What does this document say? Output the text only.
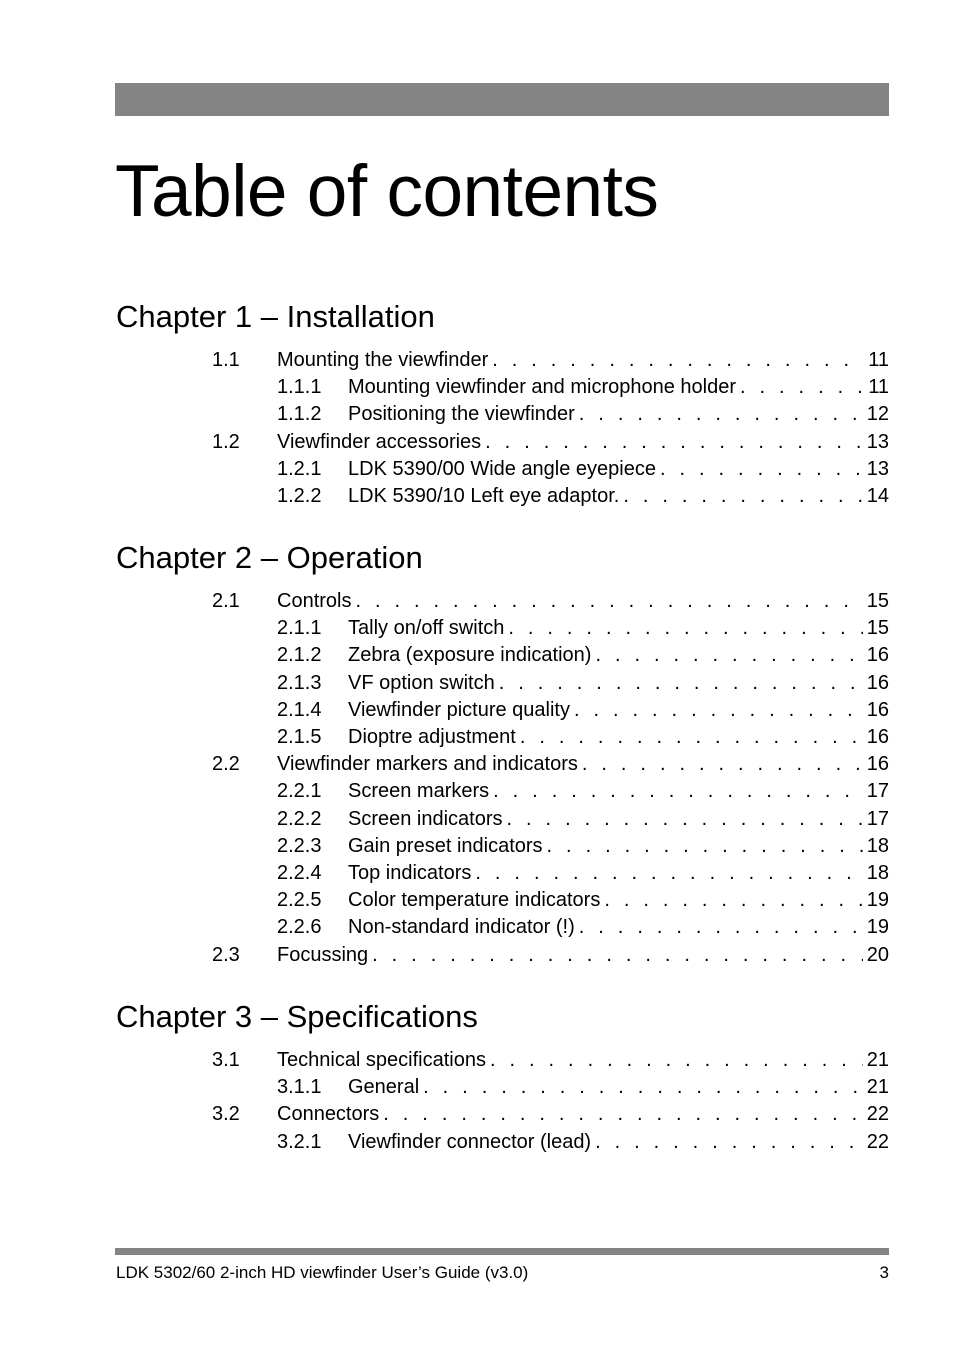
Table of contents
Chapter 1 – Installation
Chapter 2 – Operation
Chapter 3 – Specifications
1.1 Mounting the viewfinder . . .	11
1.1.1 Mounting viewfinder and microphone holder . . .	11
1.1.2 Positioning the viewfinder . . .	12
1.2 Viewfinder accessories . . .	13
1.2.1 LDK 5390/00 Wide angle eyepiece . . .	13
1.2.2 LDK 5390/10 Left eye adaptor. . . .	14
2.1 Controls . . .	15
2.1.1 Tally on/off switch . . .	15
2.1.2 Zebra (exposure indication) . . .	16
2.1.3 VF option switch . . .	16
2.1.4 Viewfinder picture quality . . .	16
2.1.5 Dioptre adjustment . . .	16
2.2 Viewfinder markers and indicators . . .	16
2.2.1 Screen markers . . .	17
2.2.2 Screen indicators . . .	17
2.2.3 Gain preset indicators . . .	18
2.2.4 Top indicators . . .	18
2.2.5 Color temperature indicators . . .	19
2.2.6 Non-standard indicator (!) . . .	19
2.3 Focussing . . .	20
3.1 Technical specifications . . .	21
3.1.1 General . . .	21
3.2 Connectors . . .	22
3.2.1 Viewfinder connector (lead) . . .	22
LDK 5302/60 2-inch HD viewfinder User’s Guide (v3.0)	3
